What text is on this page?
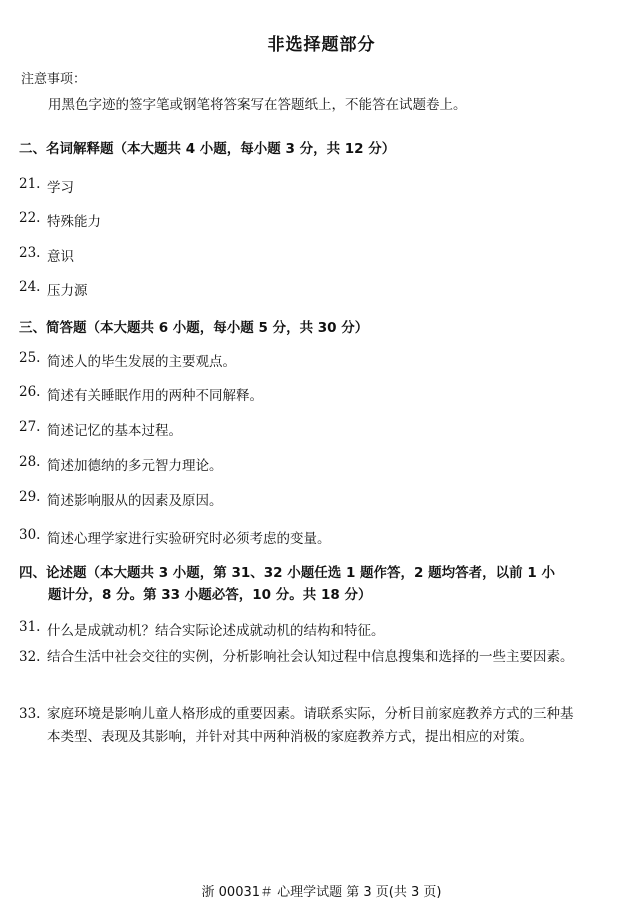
非选择题部分
注意事项：
用黑色字迹的签字笔或钢笔将答案写在答题纸上，不能答在试题卷上。
二、名词解释题（本大题共 4 小题，每小题 3 分，共 12 分）
21. 学习
22. 特殊能力
23. 意识
24. 压力源
三、简答题（本大题共 6 小题，每小题 5 分，共 30 分）
25. 简述人的毕生发展的主要观点。
26. 简述有关睡眠作用的两种不同解释。
27. 简述记忆的基本过程。
28. 简述加德纳的多元智力理论。
29. 简述影响服从的因素及原因。
30. 简述心理学家进行实验研究时必须考虑的变量。
四、论述题（本大题共 3 小题，第 31、32 小题任选 1 题作答，2 题均答者，以前 1 小
题计分，8 分。第 33 小题必答，10 分。共 18 分）
31. 什么是成就动机？结合实际论述成就动机的结构和特征。
32. 结合生活中社会交往的实例，分析影响社会认知过程中信息搜集和选择的一些主要因素。
33. 家庭环境是影响儿童人格形成的重要因素。请联系实际，分析目前家庭教养方式的三种基本类型、表现及其影响，并针对其中两种消极的家庭教养方式，提出相应的对策。
浙 00031＃ 心理学试题 第 3 页(共 3 页)
